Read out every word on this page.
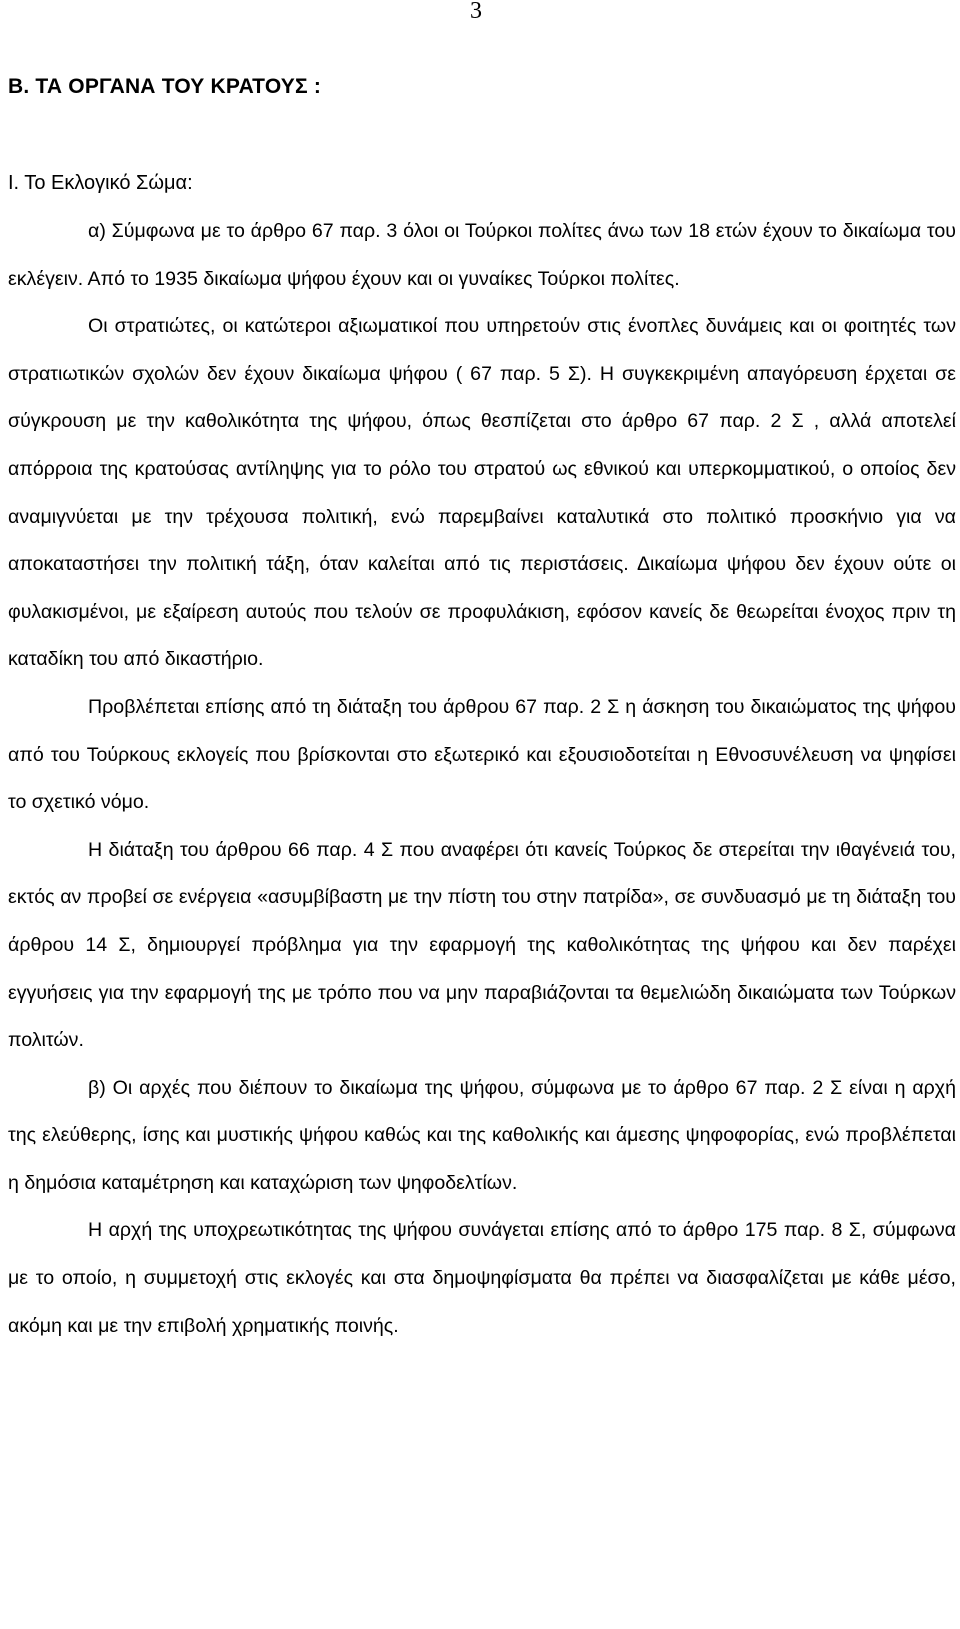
3
Β. ΤΑ ΟΡΓΑΝΑ ΤΟΥ ΚΡΑΤΟΥΣ :
Ι. Το Εκλογικό Σώμα:

α) Σύμφωνα με το άρθρο 67 παρ. 3 όλοι οι Τούρκοι πολίτες άνω των 18 ετών έχουν το δικαίωμα του εκλέγειν. Από το 1935 δικαίωμα ψήφου έχουν και οι γυναίκες Τούρκοι πολίτες.

Οι στρατιώτες, οι κατώτεροι αξιωματικοί που υπηρετούν στις ένοπλες δυνάμεις και οι φοιτητές των στρατιωτικών σχολών δεν έχουν δικαίωμα ψήφου ( 67 παρ. 5 Σ). Η συγκεκριμένη απαγόρευση έρχεται σε σύγκρουση με την καθολικότητα της ψήφου, όπως θεσπίζεται στο άρθρο 67 παρ. 2 Σ , αλλά αποτελεί απόρροια της κρατούσας αντίληψης για το ρόλο του στρατού ως εθνικού και υπερκομματικού, ο οποίος δεν αναμιγνύεται με την τρέχουσα πολιτική, ενώ παρεμβαίνει καταλυτικά στο πολιτικό προσκήνιο για να αποκαταστήσει την πολιτική τάξη, όταν καλείται από τις περιστάσεις. Δικαίωμα ψήφου δεν έχουν ούτε οι φυλακισμένοι, με εξαίρεση αυτούς που τελούν σε προφυλάκιση, εφόσον κανείς δε θεωρείται ένοχος πριν τη καταδίκη του από δικαστήριο.

Προβλέπεται επίσης από τη διάταξη του άρθρου 67 παρ. 2 Σ η άσκηση του δικαιώματος της ψήφου από του Τούρκους εκλογείς που βρίσκονται στο εξωτερικό και εξουσιοδοτείται η Εθνοσυνέλευση να ψηφίσει το σχετικό νόμο.

Η διάταξη του άρθρου 66 παρ. 4 Σ που αναφέρει ότι κανείς Τούρκος δε στερείται την ιθαγένειά του, εκτός αν προβεί σε ενέργεια «ασυμβίβαστη με την πίστη του στην πατρίδα», σε συνδυασμό με τη διάταξη του άρθρου 14 Σ, δημιουργεί πρόβλημα για την εφαρμογή της καθολικότητας της ψήφου και δεν παρέχει εγγυήσεις για την εφαρμογή της με τρόπο που να μην παραβιάζονται τα θεμελιώδη δικαιώματα των Τούρκων πολιτών.

β) Οι αρχές που διέπουν το δικαίωμα της ψήφου, σύμφωνα με το άρθρο 67 παρ. 2 Σ είναι η αρχή της ελεύθερης, ίσης και μυστικής ψήφου καθώς και της καθολικής και άμεσης ψηφοφορίας, ενώ προβλέπεται η δημόσια καταμέτρηση και καταχώριση των ψηφοδελτίων.

Η αρχή της υποχρεωτικότητας της ψήφου συνάγεται επίσης από το άρθρο 175 παρ. 8 Σ, σύμφωνα με το οποίο, η συμμετοχή στις εκλογές και στα δημοψηφίσματα θα πρέπει να διασφαλίζεται με κάθε μέσο, ακόμη και με την επιβολή χρηματικής ποινής.
